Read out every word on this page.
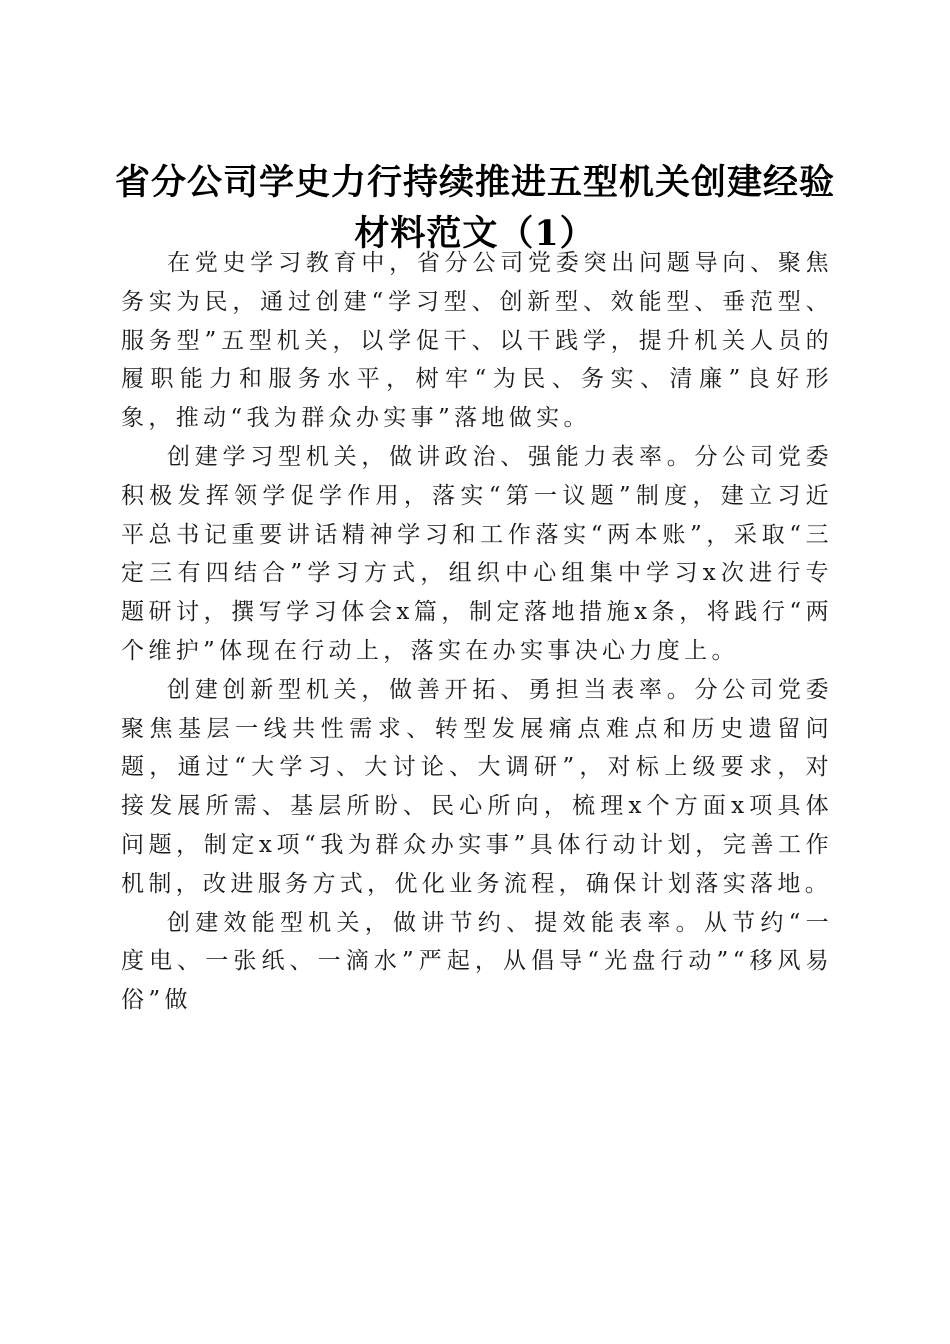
省分公司学史力行持续推进五型机关创建经验
材料范文（1）

在党史学习教育中，省分公司党委突出问题导向、聚焦务实为民，通过创建“学习型、创新型、效能型、垂范型、服务型”五型机关，以学促干、以干践学，提升机关人员的履职能力和服务水平，树牢“为民、务实、清廉”良好形象，推动“我为群众办实事”落地做实。

创建学习型机关，做讲政治、强能力表率。分公司党委积极发挥领学促学作用，落实“第一议题”制度，建立习近平总书记重要讲话精神学习和工作落实“两本账”，采取“三定三有四结合”学习方式，组织中心组集中学习x次进行专题研讨，撰写学习体会x篇，制定落地措施x条，将践行“两个维护”体现在行动上，落实在办实事决心力度上。

创建创新型机关，做善开拓、勇担当表率。分公司党委聚焦基层一线共性需求、转型发展痛点难点和历史遗留问题，通过“大学习、大讨论、大调研”，对标上级要求，对接发展所需、基层所盼、民心所向，梳理x个方面x项具体问题，制定x项“我为群众办实事”具体行动计划，完善工作机制，改进服务方式，优化业务流程，确保计划落实落地。

创建效能型机关，做讲节约、提效能表率。从节约“一度电、一张纸、一滴水”严起，从倡导“光盘行动”“移风易俗”做
